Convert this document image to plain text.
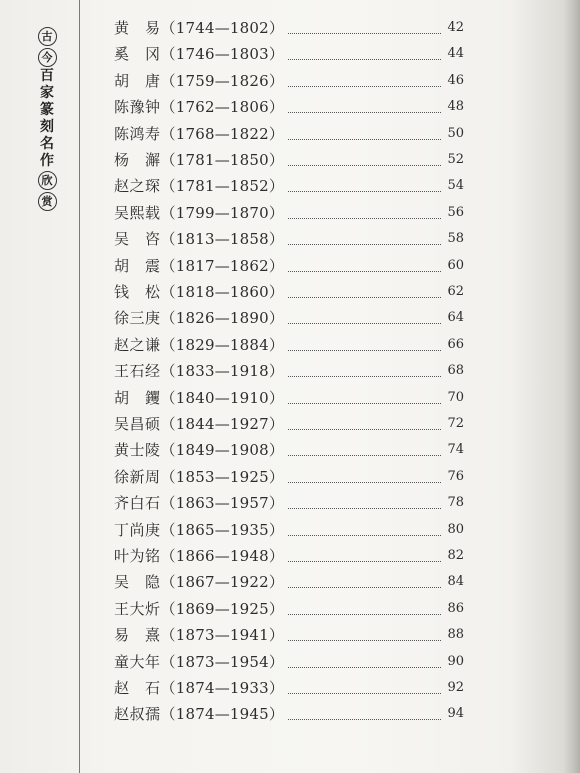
古
今
百
家
篆
刻
名
作
欣
赏
黄　易 （1744—1802）	42
奚　冈 （1746—1803）	44
胡　唐 （1759—1826）	46
陈豫钟 （1762—1806）	48
陈鸿寿 （1768—1822）	50
杨　澥 （1781—1850）	52
赵之琛 （1781—1852）	54
吴熙载 （1799—1870）	56
吴　咨 （1813—1858）	58
胡　震 （1817—1862）	60
钱　松 （1818—1860）	62
徐三庚 （1826—1890）	64
赵之谦 （1829—1884）	66
王石经 （1833—1918）	68
胡　钁 （1840—1910）	70
吴昌硕 （1844—1927）	72
黄士陵 （1849—1908）	74
徐新周 （1853—1925）	76
齐白石 （1863—1957）	78
丁尚庚 （1865—1935）	80
叶为铭 （1866—1948）	82
吴　隐 （1867—1922）	84
王大炘 （1869—1925）	86
易　熹 （1873—1941）	88
童大年 （1873—1954）	90
赵　石 （1874—1933）	92
赵叔孺 （1874—1945）	94
